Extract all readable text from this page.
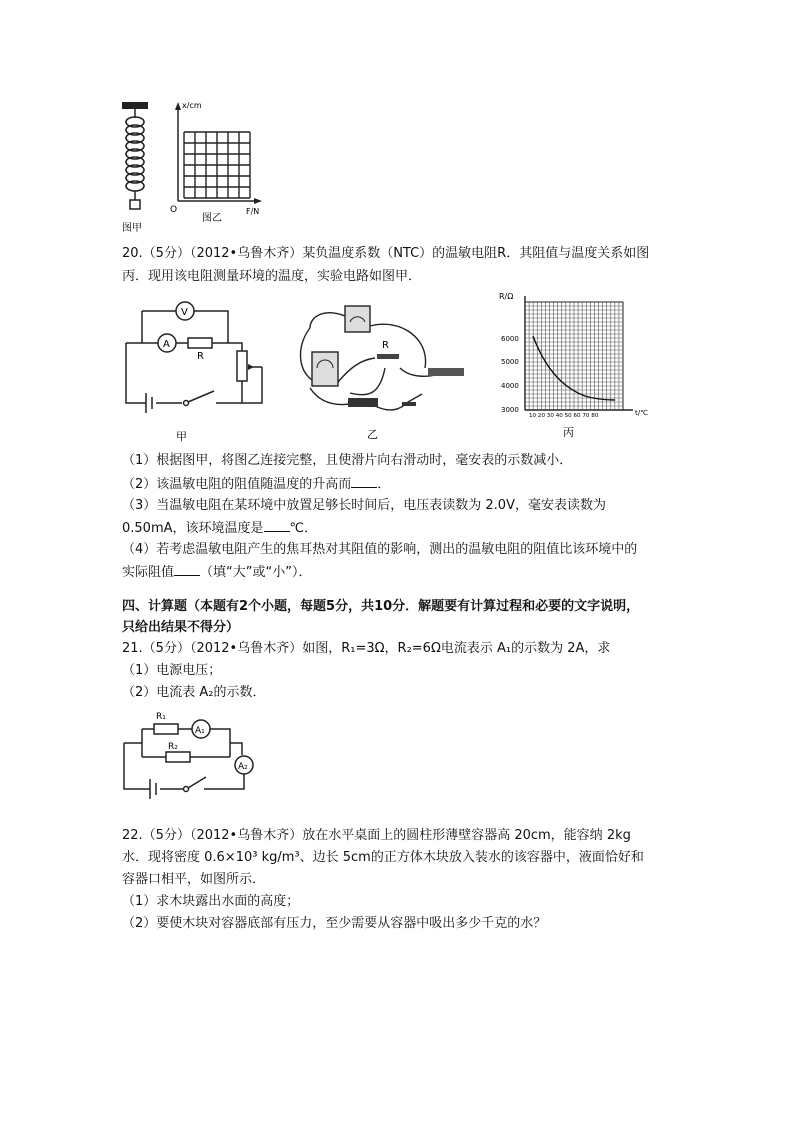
图甲
x/cm
F/N
O
图乙
20.（5分）（2012•乌鲁木齐）某负温度系数（NTC）的温敏电阻R．其阻值与温度关系如图
丙．现用该电阻测量环境的温度，实验电路如图甲．
V
A
R
甲
R
乙
R/Ω
6000
5000
4000
3000
10 20 30 40 50 60 70 80	t/℃
丙
（1）根据图甲，将图乙连接完整，且使滑片向右滑动时，毫安表的示数减小．
（2）该温敏电阻的阻值随温度的升高而 ．
（3）当温敏电阻在某环境中放置足够长时间后，电压表读数为 2.0V，毫安表读数为
0.50mA，该环境温度是 ℃．
（4）若考虑温敏电阻产生的焦耳热对其阻值的影响，测出的温敏电阻的阻值比该环境中的
实际阻值 （填“大”或“小”）．
四、计算题（本题有2个小题，每题5分，共10分．解题要有计算过程和必要的文字说明，
只给出结果不得分）
21.（5分）（2012•乌鲁木齐）如图，R₁=3Ω，R₂=6Ω电流表示 A₁的示数为 2A，求
（1）电源电压；
（2）电流表 A₂的示数．
R₁
R₂
A₁
A₂
22.（5分）（2012•乌鲁木齐）放在水平桌面上的圆柱形薄壁容器高 20cm，能容纳 2kg
水．现将密度 0.6×10³ kg/m³、边长 5cm的正方体木块放入装水的该容器中，液面恰好和
容器口相平，如图所示．
（1）求木块露出水面的高度；
（2）要使木块对容器底部有压力，至少需要从容器中吸出多少千克的水？
